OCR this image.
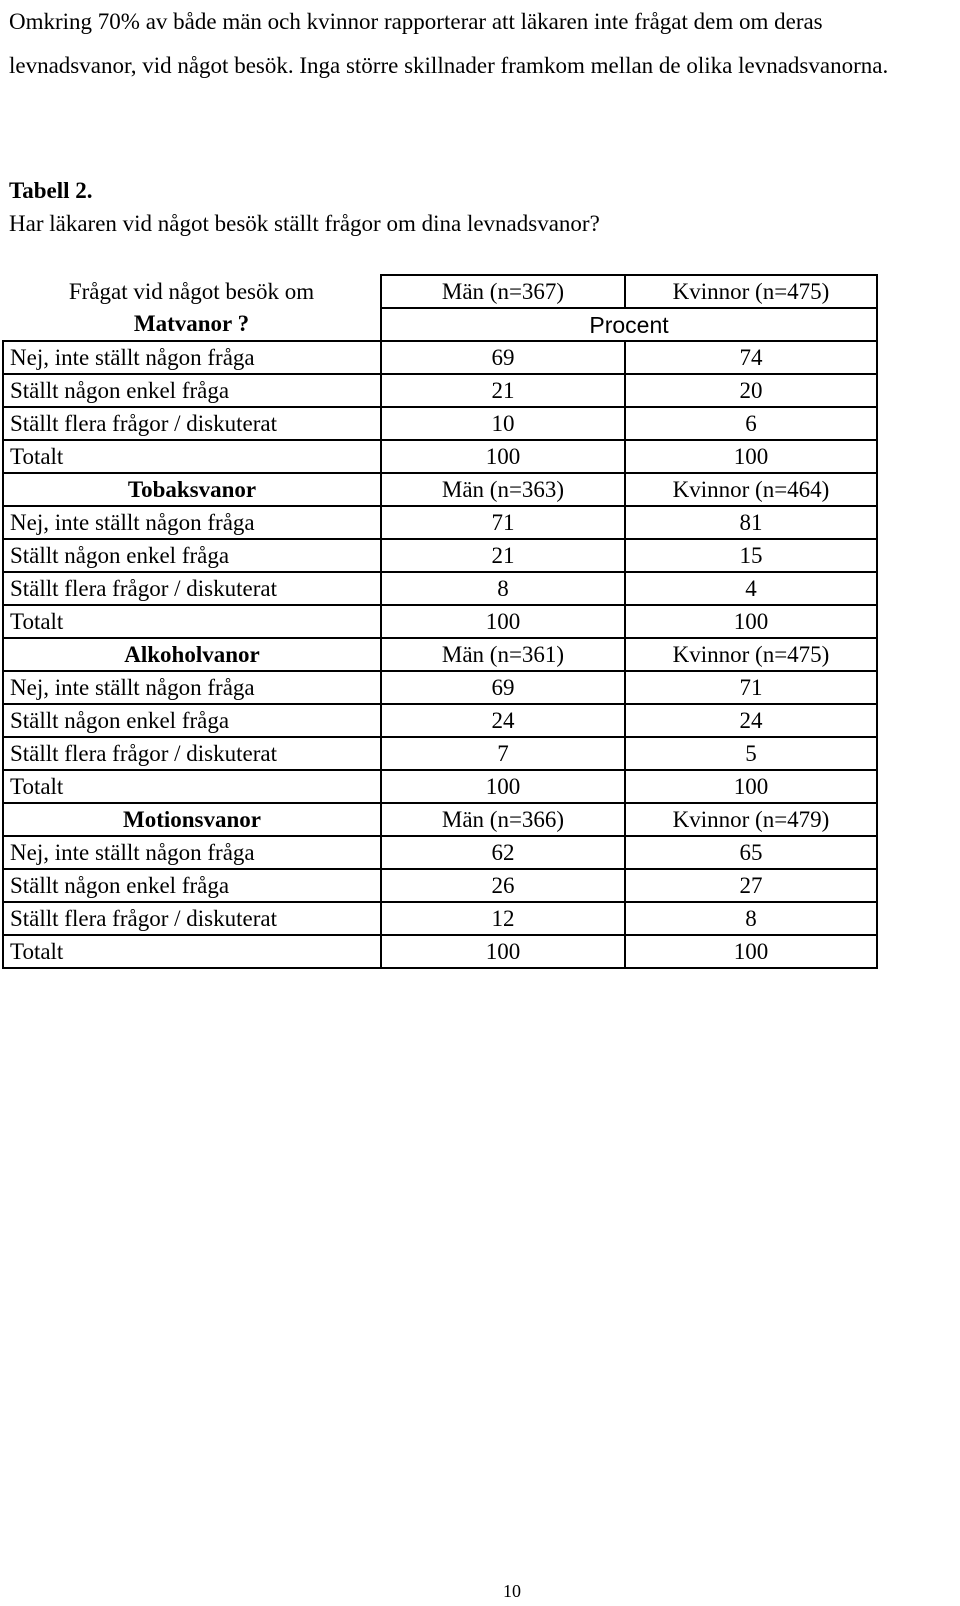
Omkring 70% av både män och kvinnor rapporterar att läkaren inte frågat dem om deras levnadsvanor, vid något besök. Inga större skillnader framkom mellan de olika levnadsvanorna.

Tabell 2.

Har läkaren vid något besök ställt frågor om dina levnadsvanor?

Frågat vid något besök om	Män (n=367)	Kvinnor (n=475)
Matvanor ?	Procent	
Nej, inte ställt någon fråga	69	74
Ställt någon enkel fråga	21	20
Ställt flera frågor / diskuterat	10	6
Totalt	100	100
Tobaksvanor	Män (n=363)	Kvinnor (n=464)
Nej, inte ställt någon fråga	71	81
Ställt någon enkel fråga	21	15
Ställt flera frågor / diskuterat	8	4
Totalt	100	100
Alkoholvanor	Män (n=361)	Kvinnor (n=475)
Nej, inte ställt någon fråga	69	71
Ställt någon enkel fråga	24	24
Ställt flera frågor / diskuterat	7	5
Totalt	100	100
Motionsvanor	Män (n=366)	Kvinnor (n=479)
Nej, inte ställt någon fråga	62	65
Ställt någon enkel fråga	26	27
Ställt flera frågor / diskuterat	12	8
Totalt	100	100

10
